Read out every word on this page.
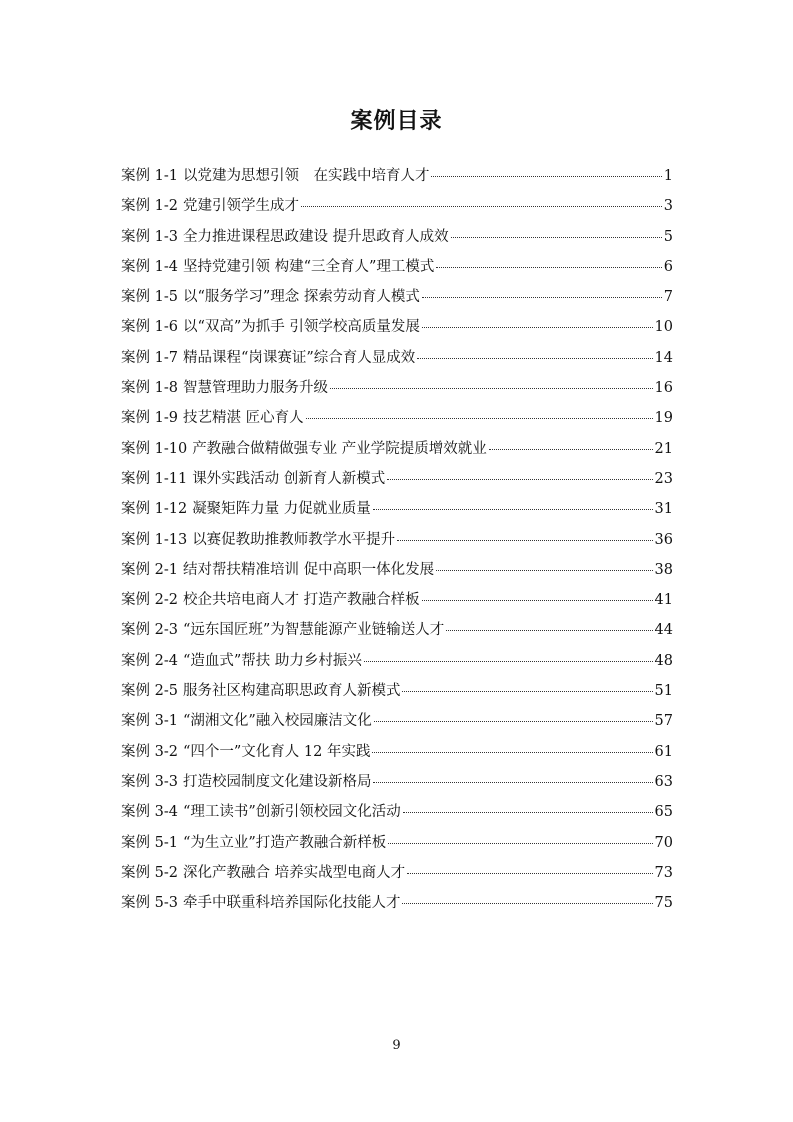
案例目录
案例 1-1 以党建为思想引领　在实践中培育人才	1
案例 1-2 党建引领学生成才	3
案例 1-3 全力推进课程思政建设 提升思政育人成效	5
案例 1-4 坚持党建引领 构建“三全育人”理工模式	6
案例 1-5 以“服务学习”理念 探索劳动育人模式	7
案例 1-6 以“双高”为抓手 引领学校高质量发展	10
案例 1-7 精品课程“岗课赛证”综合育人显成效	14
案例 1-8 智慧管理助力服务升级	16
案例 1-9 技艺精湛 匠心育人	19
案例 1-10 产教融合做精做强专业 产业学院提质增效就业	21
案例 1-11 课外实践活动 创新育人新模式	23
案例 1-12 凝聚矩阵力量 力促就业质量	31
案例 1-13 以赛促教助推教师教学水平提升	36
案例 2-1 结对帮扶精准培训 促中高职一体化发展	38
案例 2-2 校企共培电商人才 打造产教融合样板	41
案例 2-3 “远东国匠班”为智慧能源产业链输送人才	44
案例 2-4 “造血式”帮扶 助力乡村振兴	48
案例 2-5 服务社区构建高职思政育人新模式	51
案例 3-1 “湖湘文化”融入校园廉洁文化	57
案例 3-2 “四个一”文化育人 12 年实践	61
案例 3-3 打造校园制度文化建设新格局	63
案例 3-4 “理工读书”创新引领校园文化活动	65
案例 5-1 “为生立业”打造产教融合新样板	70
案例 5-2 深化产教融合 培养实战型电商人才	73
案例 5-3 牵手中联重科培养国际化技能人才	75
9
